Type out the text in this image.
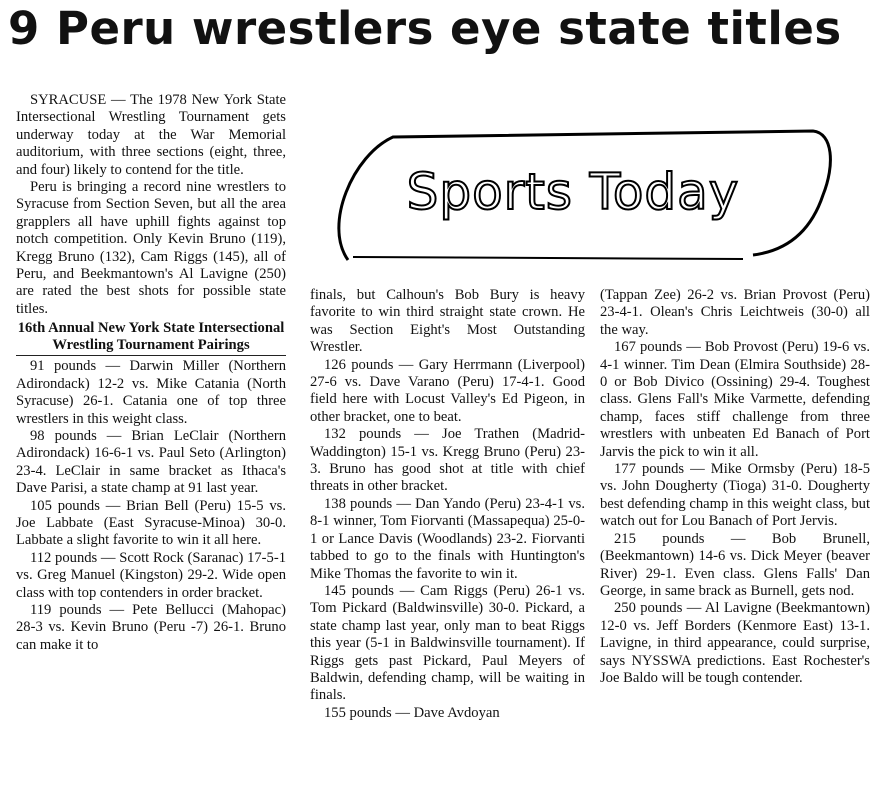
9 Peru wrestlers eye state titles
Sports Today

SYRACUSE — The 1978 New York State Intersectional Wrestling Tournament gets underway today at the War Memorial auditorium, with three sections (eight, three, and four) likely to contend for the title.

Peru is bringing a record nine wrestlers to Syracuse from Section Seven, but all the area grapplers all have uphill fights against top notch competition. Only Kevin Bruno (119), Kregg Bruno (132), Cam Riggs (145), all of Peru, and Beekmantown's Al Lavigne (250) are rated the best shots for possible state titles.

16th Annual New York State Intersectional Wrestling Tournament Pairings

91 pounds — Darwin Miller (Northern Adirondack) 12-2 vs. Mike Catania (North Syracuse) 26-1. Catania one of top three wrestlers in this weight class.

98 pounds — Brian LeClair (Northern Adirondack) 16-6-1 vs. Paul Seto (Arlington) 23-4. LeClair in same bracket as Ithaca's Dave Parisi, a state champ at 91 last year.

105 pounds — Brian Bell (Peru) 15-5 vs. Joe Labbate (East Syracuse-Minoa) 30-0. Labbate a slight favorite to win it all here.

112 pounds — Scott Rock (Saranac) 17-5-1 vs. Greg Manuel (Kingston) 29-2. Wide open class with top contenders in order bracket.

119 pounds — Pete Bellucci (Mahopac) 28-3 vs. Kevin Bruno (Peru -7) 26-1. Bruno can make it to

finals, but Calhoun's Bob Bury is heavy favorite to win third straight state crown. He was Section Eight's Most Outstanding Wrestler.

126 pounds — Gary Herrmann (Liverpool) 27-6 vs. Dave Varano (Peru) 17-4-1. Good field here with Locust Valley's Ed Pigeon, in other bracket, one to beat.

132 pounds — Joe Trathen (Madrid-Waddington) 15-1 vs. Kregg Bruno (Peru) 23-3. Bruno has good shot at title with chief threats in other bracket.

138 pounds — Dan Yando (Peru) 23-4-1 vs. 8-1 winner, Tom Fiorvanti (Massapequa) 25-0-1 or Lance Davis (Woodlands) 23-2. Fiorvanti tabbed to go to the finals with Huntington's Mike Thomas the favorite to win it.

145 pounds — Cam Riggs (Peru) 26-1 vs. Tom Pickard (Baldwinsville) 30-0. Pickard, a state champ last year, only man to beat Riggs this year (5-1 in Baldwinsville tournament). If Riggs gets past Pickard, Paul Meyers of Baldwin, defending champ, will be waiting in finals.

155 pounds — Dave Avdoyan

(Tappan Zee) 26-2 vs. Brian Provost (Peru) 23-4-1. Olean's Chris Leichtweis (30-0) all the way.

167 pounds — Bob Provost (Peru) 19-6 vs. 4-1 winner. Tim Dean (Elmira Southside) 28-0 or Bob Divico (Ossining) 29-4. Toughest class. Glens Fall's Mike Varmette, defending champ, faces stiff challenge from three wrestlers with unbeaten Ed Banach of Port Jarvis the pick to win it all.

177 pounds — Mike Ormsby (Peru) 18-5 vs. John Dougherty (Tioga) 31-0. Dougherty best defending champ in this weight class, but watch out for Lou Banach of Port Jervis.

215 pounds — Bob Brunell, (Beekmantown) 14-6 vs. Dick Meyer (beaver River) 29-1. Even class. Glens Falls' Dan George, in same brack as Burnell, gets nod.

250 pounds — Al Lavigne (Beekmantown) 12-0 vs. Jeff Borders (Kenmore East) 13-1. Lavigne, in third appearance, could surprise, says NYSSWA predictions. East Rochester's Joe Baldo will be tough contender.
